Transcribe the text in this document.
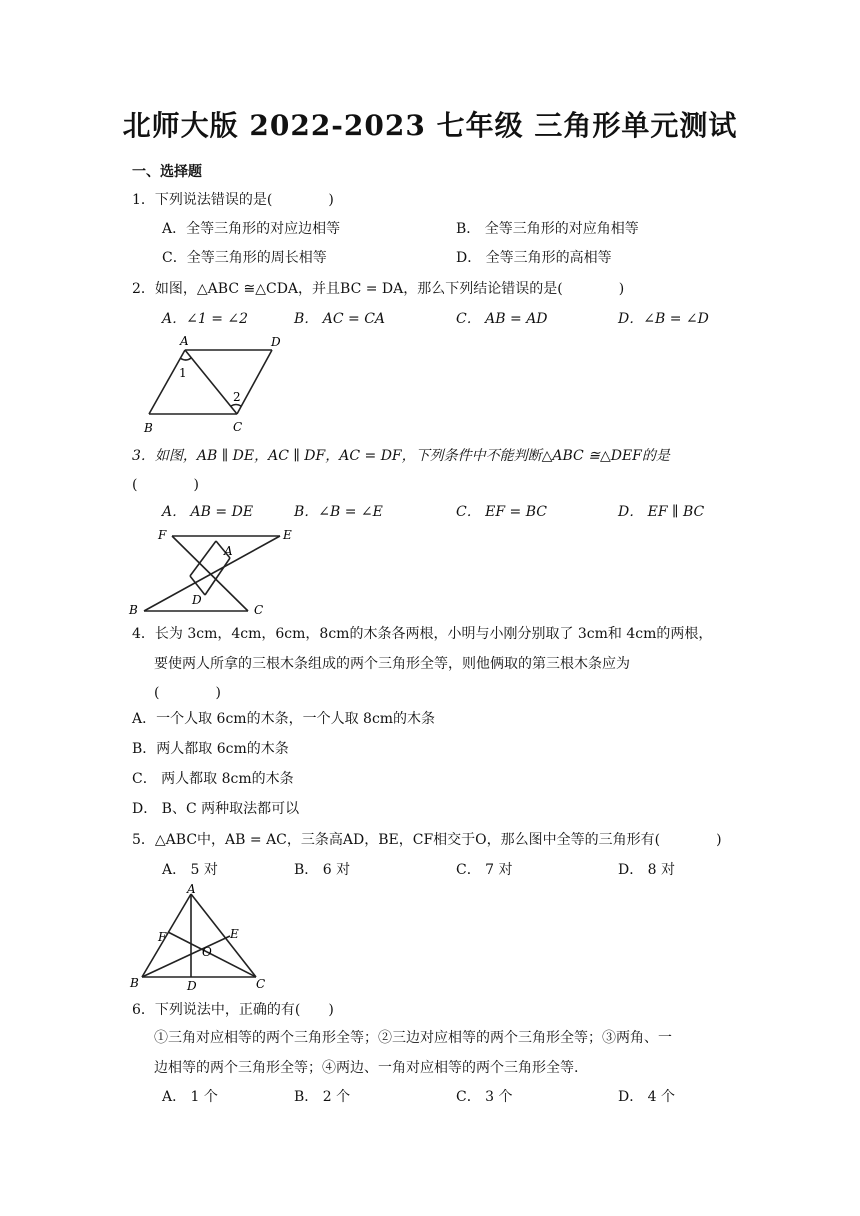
北师大版 2022-2023 七年级 三角形单元测试
一、选择题
1．下列说法错误的是(　　　　)
A．全等三角形的对应边相等	B． 全等三角形的对应角相等
C．全等三角形的周长相等	D． 全等三角形的高相等
2．如图，△ABC ≅△CDA，并且BC = DA，那么下列结论错误的是(　　　　)
A．∠1 = ∠2	B． AC = CA	C． AB = AD	D．∠B = ∠D
A	D
1
2
B	C
3．如图，AB ∥ DE，AC ∥ DF，AC = DF，下列条件中不能判断△ABC ≅△DEF的是
(　　　　)
A． AB = DE	B．∠B = ∠E	C． EF = BC	D． EF ∥ BC
F	E
A
D
B	C
4．长为 3cm，4cm，6cm，8cm的木条各两根，小明与小刚分别取了 3cm和 4cm的两根，
要使两人所拿的三根木条组成的两个三角形全等，则他俩取的第三根木条应为
(　　　　)
A．一个人取 6cm的木条，一个人取 8cm的木条
B．两人都取 6cm的木条
C． 两人都取 8cm的木条
D． B、C 两种取法都可以
5．△ABC中，AB = AC，三条高AD，BE，CF相交于O，那么图中全等的三角形有(　　　　)
A． 5 对	B． 6 对	C． 7 对	D． 8 对
A
F	E
O
B	D	C
6．下列说法中，正确的有(　　)
①三角对应相等的两个三角形全等；②三边对应相等的两个三角形全等；③两角、一
边相等的两个三角形全等；④两边、一角对应相等的两个三角形全等.
A． 1 个	B． 2 个	C． 3 个	D． 4 个
